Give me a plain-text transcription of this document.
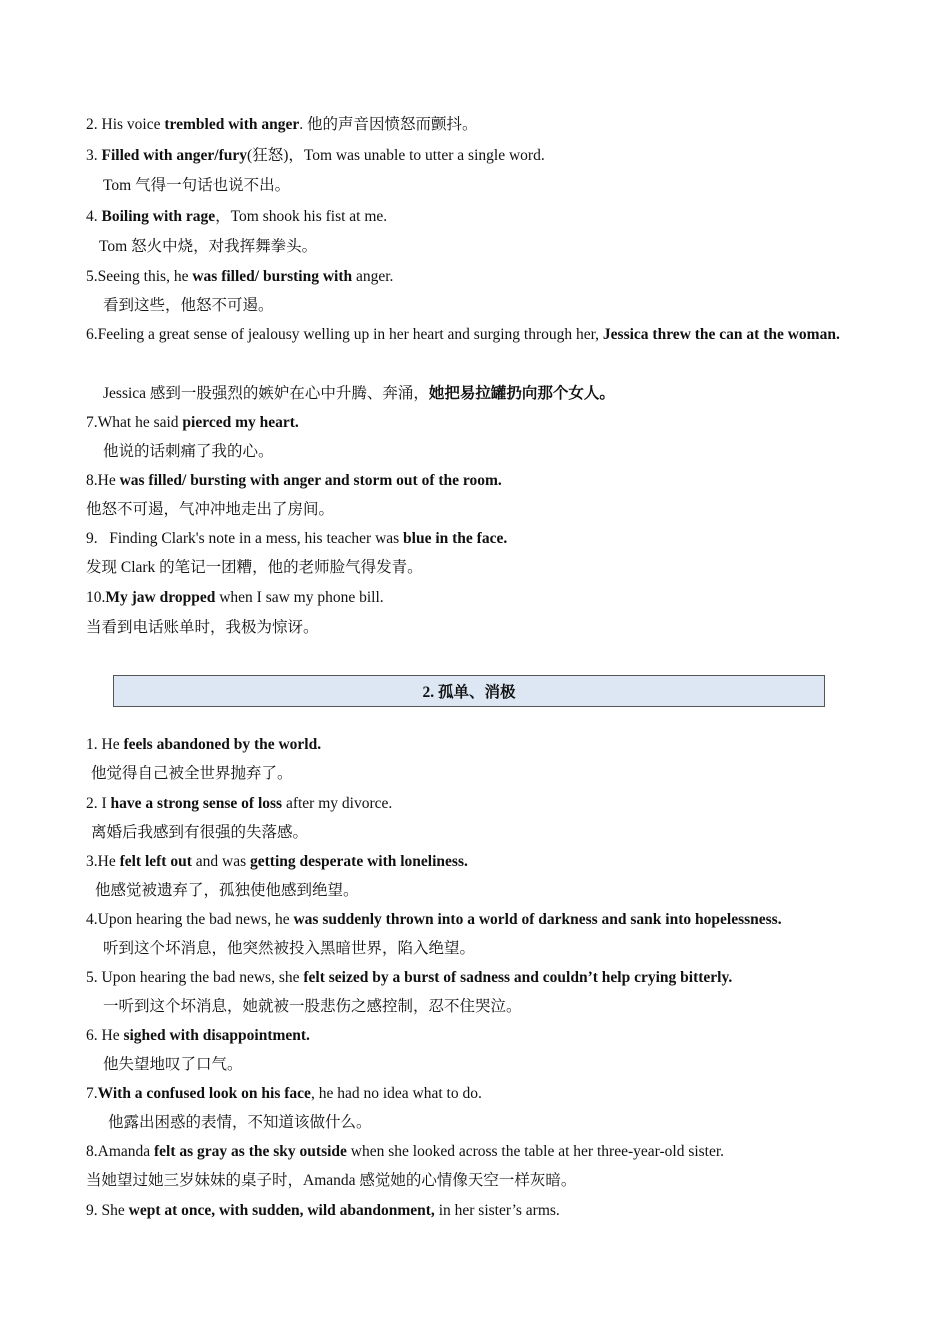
2. His voice trembled with anger. 他的声音因愤怒而颤抖。
3. Filled with anger/fury(狂怒)，Tom was unable to utter a single word.
Tom 气得一句话也说不出。
4. Boiling with rage，Tom shook his fist at me.
Tom 怒火中烧，对我挥舞拳头。
5.Seeing this, he was filled/ bursting with anger.
看到这些，他怒不可遏。
6.Feeling a great sense of jealousy welling up in her heart and surging through her, Jessica threw the can at the woman.
Jessica 感到一股强烈的嫉妒在心中升腾、奔涌，她把易拉罐扔向那个女人。
7.What he said pierced my heart.
他说的话刺痛了我的心。
8.He was filled/ bursting with anger and storm out of the room.
他怒不可遏，气冲冲地走出了房间。
9.   Finding Clark's note in a mess, his teacher was blue in the face.
发现 Clark 的笔记一团糟，他的老师脸气得发青。
10.My jaw dropped when I saw my phone bill.
当看到电话账单时，我极为惊讶。
2. 孤单、消极
1. He feels abandoned by the world.
他觉得自己被全世界抛弃了。
2. I have a strong sense of loss after my divorce.
离婚后我感到有很强的失落感。
3.He felt left out and was getting desperate with loneliness.
他感觉被遗弃了，孤独使他感到绝望。
4.Upon hearing the bad news, he was suddenly thrown into a world of darkness and sank into hopelessness.
听到这个坏消息，他突然被投入黑暗世界，陷入绝望。
5. Upon hearing the bad news, she felt seized by a burst of sadness and couldn’t help crying bitterly.
一听到这个坏消息，她就被一股悲伤之感控制，忍不住哭泣。
6. He sighed with disappointment.
他失望地叹了口气。
7.With a confused look on his face, he had no idea what to do.
他露出困惑的表情，不知道该做什么。
8.Amanda felt as gray as the sky outside when she looked across the table at her three-year-old sister.
当她望过她三岁妹妹的桌子时，Amanda 感觉她的心情像天空一样灰暗。
9. She wept at once, with sudden, wild abandonment, in her sister’s arms.
